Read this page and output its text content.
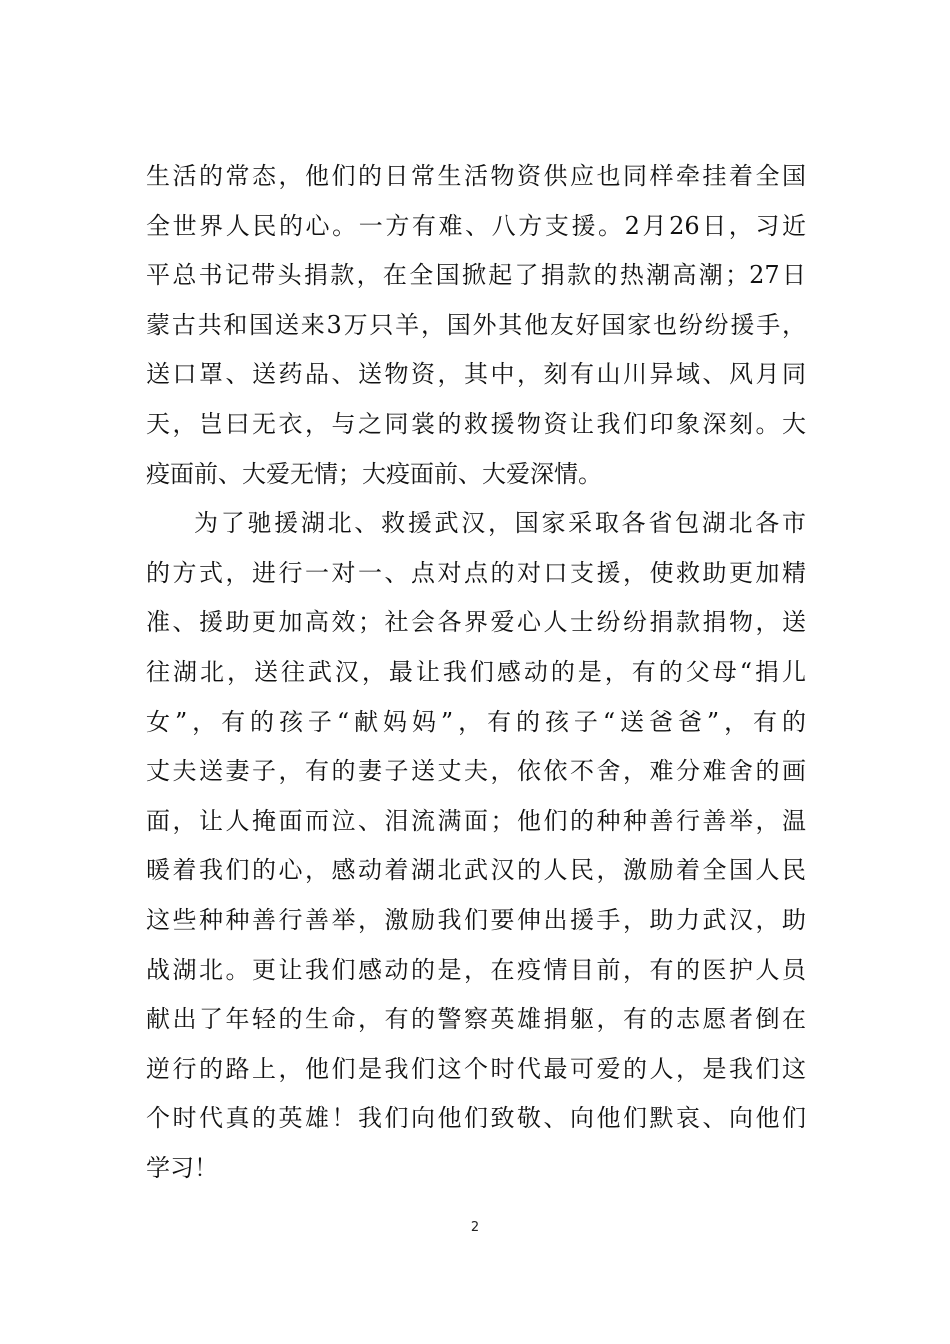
生活的常态，他们的日常生活物资供应也同样牵挂着全国
全世界人民的心。一方有难、八方支援。2月26日，习近
平总书记带头捐款，在全国掀起了捐款的热潮高潮；27日
蒙古共和国送来3万只羊，国外其他友好国家也纷纷援手，
送口罩、送药品、送物资，其中，刻有山川异域、风月同
天，岂曰无衣，与之同裳的救援物资让我们印象深刻。大
疫面前、大爱无情；大疫面前、大爱深情。
为了驰援湖北、救援武汉，国家采取各省包湖北各市
的方式，进行一对一、点对点的对口支援，使救助更加精
准、援助更加高效；社会各界爱心人士纷纷捐款捐物，送
往湖北，送往武汉，最让我们感动的是，有的父母“捐儿
女”，有的孩子“献妈妈”，有的孩子“送爸爸”，有的
丈夫送妻子，有的妻子送丈夫，依依不舍，难分难舍的画
面，让人掩面而泣、泪流满面；他们的种种善行善举，温
暖着我们的心，感动着湖北武汉的人民，激励着全国人民
这些种种善行善举，激励我们要伸出援手，助力武汉，助
战湖北。更让我们感动的是，在疫情目前，有的医护人员
献出了年轻的生命，有的警察英雄捐躯，有的志愿者倒在
逆行的路上，他们是我们这个时代最可爱的人，是我们这
个时代真的英雄！我们向他们致敬、向他们默哀、向他们
学习！
2
